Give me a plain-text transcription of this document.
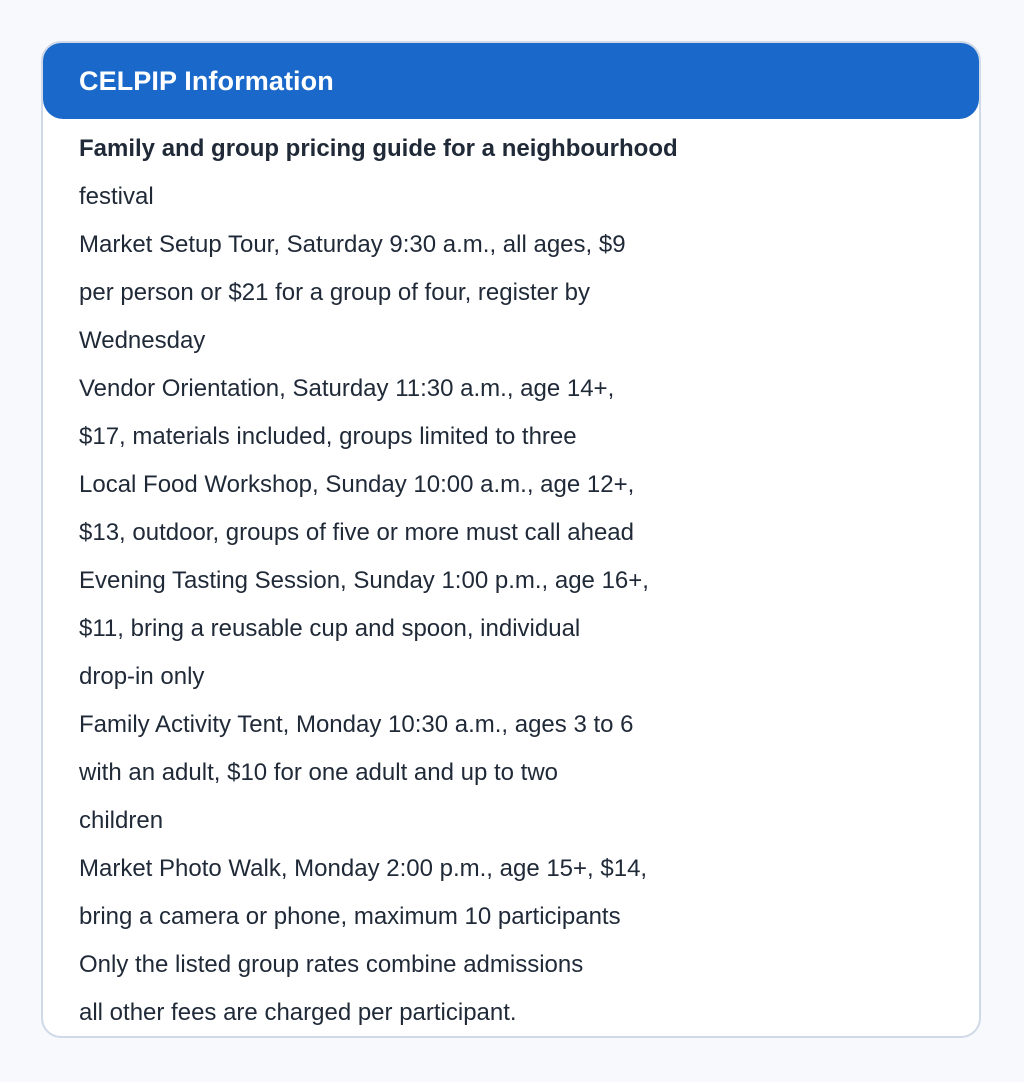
CELPIP Information
Family and group pricing guide for a neighbourhood
festival
Market Setup Tour, Saturday 9:30 a.m., all ages, $9
per person or $21 for a group of four, register by
Wednesday
Vendor Orientation, Saturday 11:30 a.m., age 14+,
$17, materials included, groups limited to three
Local Food Workshop, Sunday 10:00 a.m., age 12+,
$13, outdoor, groups of five or more must call ahead
Evening Tasting Session, Sunday 1:00 p.m., age 16+,
$11, bring a reusable cup and spoon, individual
drop-in only
Family Activity Tent, Monday 10:30 a.m., ages 3 to 6
with an adult, $10 for one adult and up to two
children
Market Photo Walk, Monday 2:00 p.m., age 15+, $14,
bring a camera or phone, maximum 10 participants
Only the listed group rates combine admissions
all other fees are charged per participant.
